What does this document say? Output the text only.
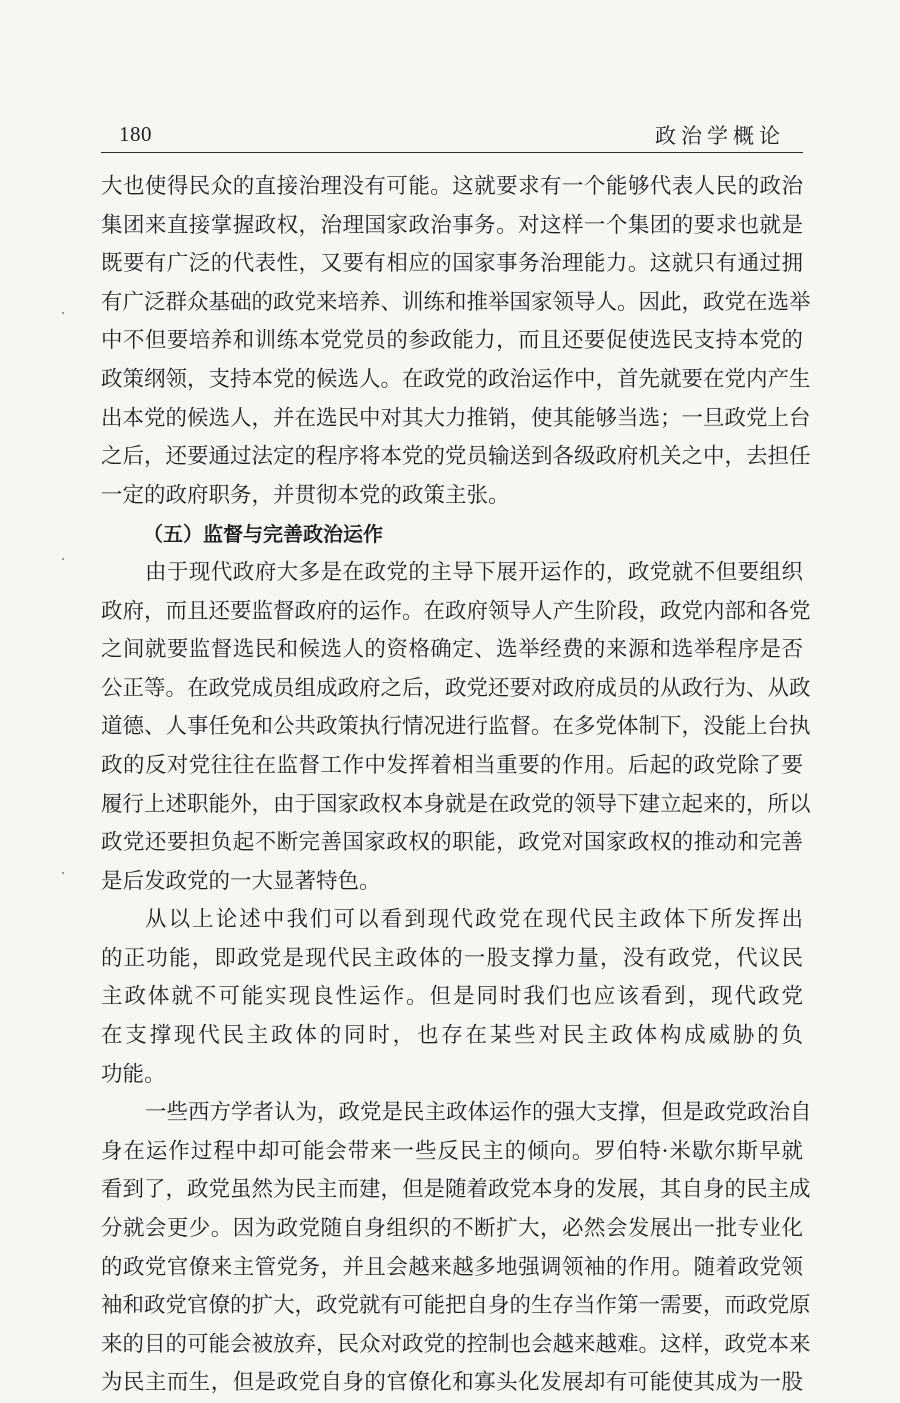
180	政治学概论
大也使得民众的直接治理没有可能。这就要求有一个能够代表人民的政治
集团来直接掌握政权，治理国家政治事务。对这样一个集团的要求也就是
既要有广泛的代表性，又要有相应的国家事务治理能力。这就只有通过拥
有广泛群众基础的政党来培养、训练和推举国家领导人。因此，政党在选举
中不但要培养和训练本党党员的参政能力，而且还要促使选民支持本党的
政策纲领，支持本党的候选人。在政党的政治运作中，首先就要在党内产生
出本党的候选人，并在选民中对其大力推销，使其能够当选；一旦政党上台
之后，还要通过法定的程序将本党的党员输送到各级政府机关之中，去担任
一定的政府职务，并贯彻本党的政策主张。
（五）监督与完善政治运作
由于现代政府大多是在政党的主导下展开运作的，政党就不但要组织
政府，而且还要监督政府的运作。在政府领导人产生阶段，政党内部和各党
之间就要监督选民和候选人的资格确定、选举经费的来源和选举程序是否
公正等。在政党成员组成政府之后，政党还要对政府成员的从政行为、从政
道德、人事任免和公共政策执行情况进行监督。在多党体制下，没能上台执
政的反对党往往在监督工作中发挥着相当重要的作用。后起的政党除了要
履行上述职能外，由于国家政权本身就是在政党的领导下建立起来的，所以
政党还要担负起不断完善国家政权的职能，政党对国家政权的推动和完善
是后发政党的一大显著特色。
从以上论述中我们可以看到现代政党在现代民主政体下所发挥出
的正功能，即政党是现代民主政体的一股支撑力量，没有政党，代议民
主政体就不可能实现良性运作。但是同时我们也应该看到，现代政党
在支撑现代民主政体的同时，也存在某些对民主政体构成威胁的负
功能。
一些西方学者认为，政党是民主政体运作的强大支撑，但是政党政治自
身在运作过程中却可能会带来一些反民主的倾向。罗伯特·米歇尔斯早就
看到了，政党虽然为民主而建，但是随着政党本身的发展，其自身的民主成
分就会更少。因为政党随自身组织的不断扩大，必然会发展出一批专业化
的政党官僚来主管党务，并且会越来越多地强调领袖的作用。随着政党领
袖和政党官僚的扩大，政党就有可能把自身的生存当作第一需要，而政党原
来的目的可能会被放弃，民众对政党的控制也会越来越难。这样，政党本来
为民主而生，但是政党自身的官僚化和寡头化发展却有可能使其成为一股
